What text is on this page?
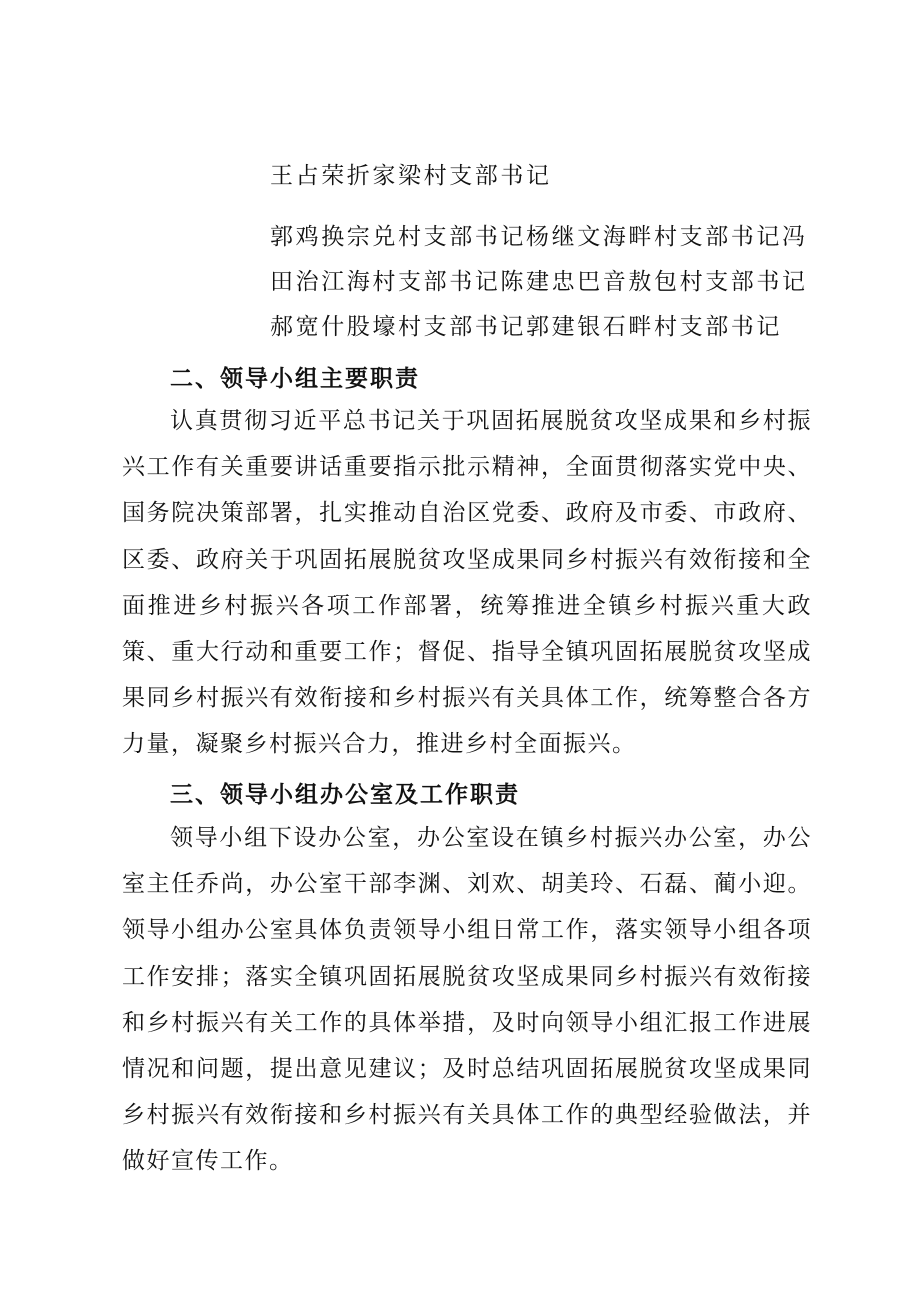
王占荣折家梁村支部书记
郭鸡换宗兑村支部书记杨继文海畔村支部书记冯田治江海村支部书记陈建忠巴音敖包村支部书记郝宽什股壕村支部书记郭建银石畔村支部书记
二、领导小组主要职责
认真贯彻习近平总书记关于巩固拓展脱贫攻坚成果和乡村振兴工作有关重要讲话重要指示批示精神，全面贯彻落实党中央、国务院决策部署，扎实推动自治区党委、政府及市委、市政府、区委、政府关于巩固拓展脱贫攻坚成果同乡村振兴有效衔接和全面推进乡村振兴各项工作部署，统筹推进全镇乡村振兴重大政策、重大行动和重要工作；督促、指导全镇巩固拓展脱贫攻坚成果同乡村振兴有效衔接和乡村振兴有关具体工作，统筹整合各方力量，凝聚乡村振兴合力，推进乡村全面振兴。
三、领导小组办公室及工作职责
领导小组下设办公室，办公室设在镇乡村振兴办公室，办公室主任乔尚，办公室干部李渊、刘欢、胡美玲、石磊、蔺小迎。领导小组办公室具体负责领导小组日常工作，落实领导小组各项工作安排；落实全镇巩固拓展脱贫攻坚成果同乡村振兴有效衔接和乡村振兴有关工作的具体举措，及时向领导小组汇报工作进展情况和问题，提出意见建议；及时总结巩固拓展脱贫攻坚成果同乡村振兴有效衔接和乡村振兴有关具体工作的典型经验做法，并做好宣传工作。
